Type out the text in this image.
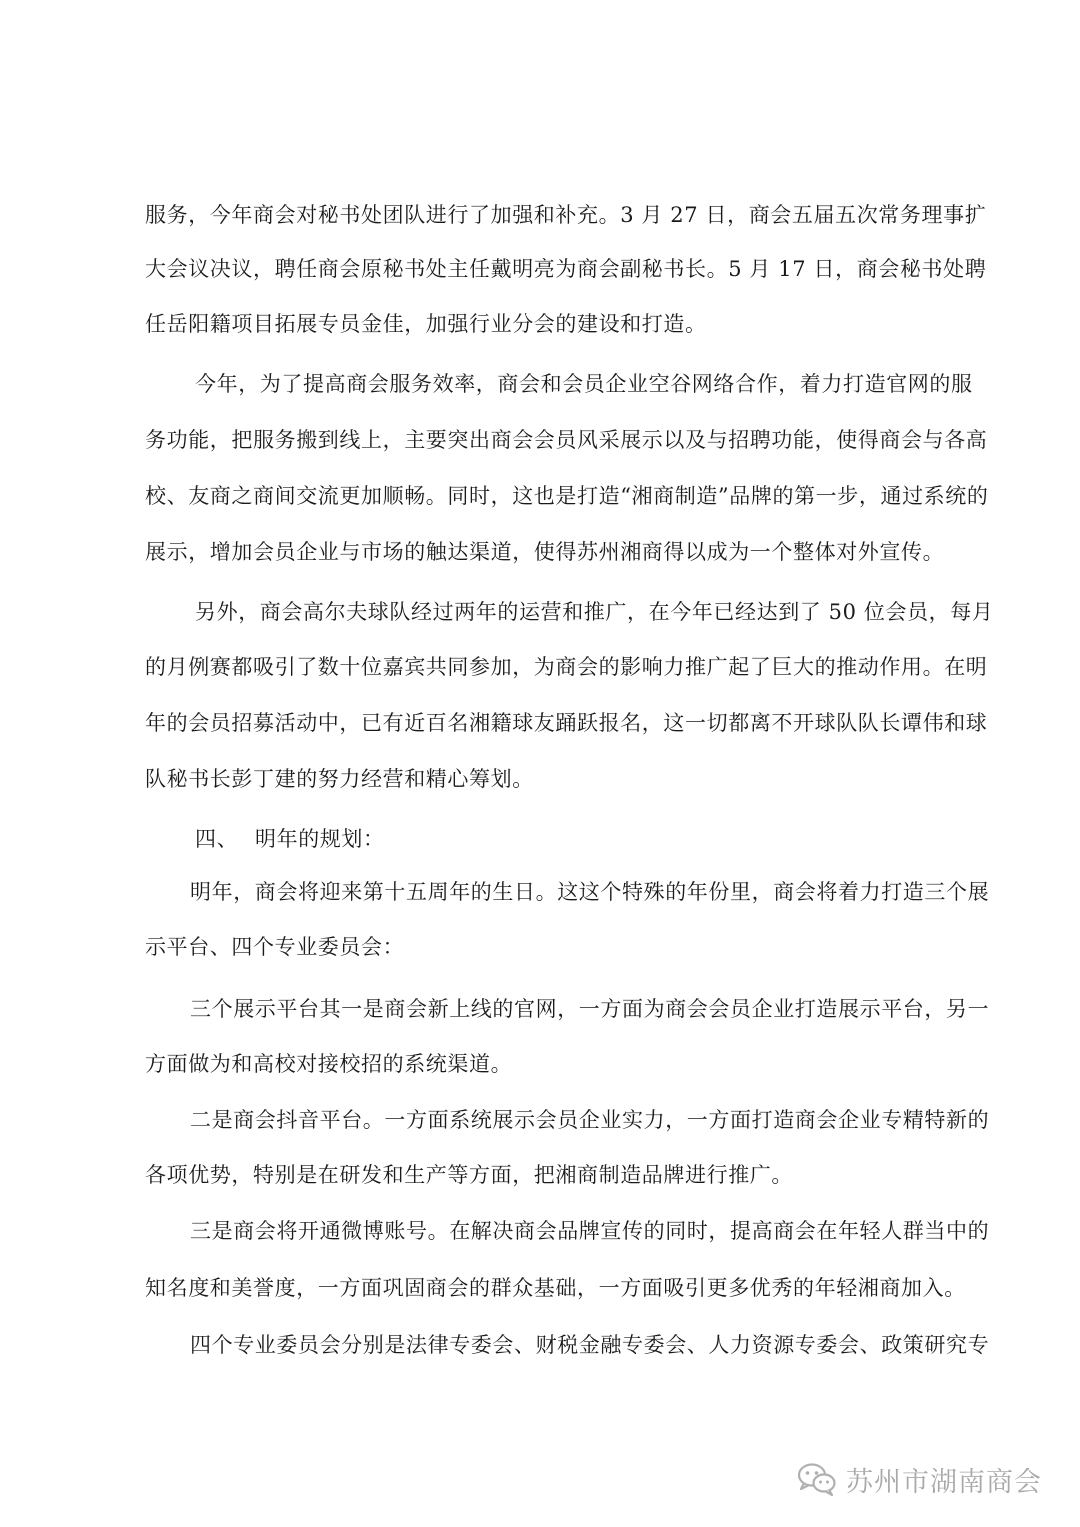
服务，今年商会对秘书处团队进行了加强和补充。3 月 27 日，商会五届五次常务理事扩
大会议决议，聘任商会原秘书处主任戴明亮为商会副秘书长。5 月 17 日，商会秘书处聘
任岳阳籍项目拓展专员金佳，加强行业分会的建设和打造。
今年，为了提高商会服务效率，商会和会员企业空谷网络合作，着力打造官网的服
务功能，把服务搬到线上，主要突出商会会员风采展示以及与招聘功能，使得商会与各高
校、友商之商间交流更加顺畅。同时，这也是打造“湘商制造”品牌的第一步，通过系统的
展示，增加会员企业与市场的触达渠道，使得苏州湘商得以成为一个整体对外宣传。
另外，商会高尔夫球队经过两年的运营和推广，在今年已经达到了 50 位会员，每月
的月例赛都吸引了数十位嘉宾共同参加，为商会的影响力推广起了巨大的推动作用。在明
年的会员招募活动中，已有近百名湘籍球友踊跃报名，这一切都离不开球队队长谭伟和球
队秘书长彭丁建的努力经营和精心筹划。
四、 明年的规划：
明年，商会将迎来第十五周年的生日。这这个特殊的年份里，商会将着力打造三个展
示平台、四个专业委员会：
三个展示平台其一是商会新上线的官网，一方面为商会会员企业打造展示平台，另一
方面做为和高校对接校招的系统渠道。
二是商会抖音平台。一方面系统展示会员企业实力，一方面打造商会企业专精特新的
各项优势，特别是在研发和生产等方面，把湘商制造品牌进行推广。
三是商会将开通微博账号。在解决商会品牌宣传的同时，提高商会在年轻人群当中的
知名度和美誉度，一方面巩固商会的群众基础，一方面吸引更多优秀的年轻湘商加入。
四个专业委员会分别是法律专委会、财税金融专委会、人力资源专委会、政策研究专
苏州市湖南商会
